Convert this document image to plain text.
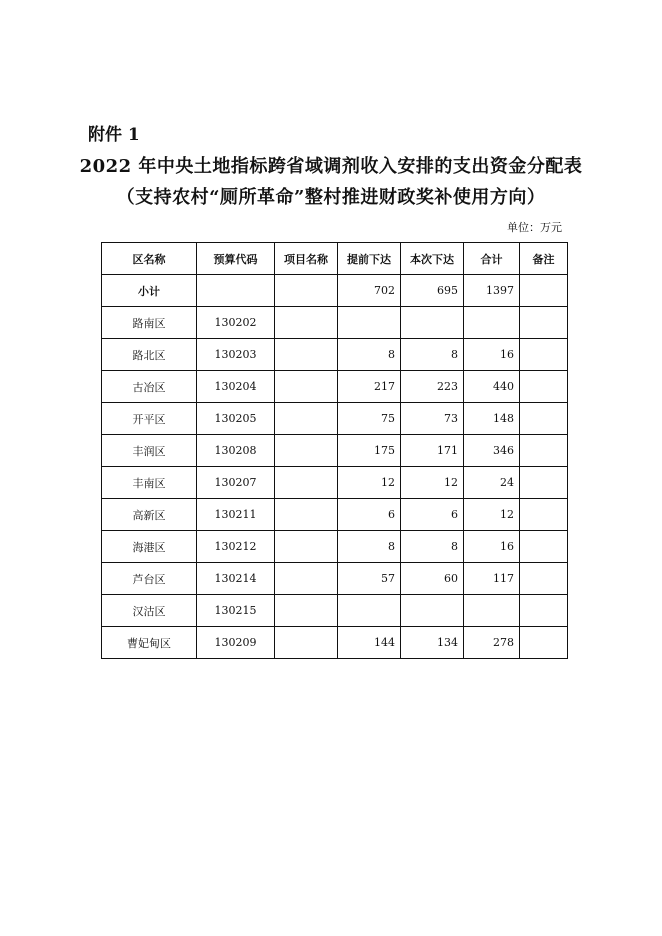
附件 1
2022 年中央土地指标跨省域调剂收入安排的支出资金分配表
（支持农村“厕所革命”整村推进财政奖补使用方向）
单位：万元
区名称	预算代码	项目名称	提前下达	本次下达	合计	备注
小计			702	695	1397	
路南区	130202					
路北区	130203		8	8	16	
古冶区	130204		217	223	440	
开平区	130205		75	73	148	
丰润区	130208		175	171	346	
丰南区	130207		12	12	24	
高新区	130211		6	6	12	
海港区	130212		8	8	16	
芦台区	130214		57	60	117	
汉沽区	130215					
曹妃甸区	130209		144	134	278	
